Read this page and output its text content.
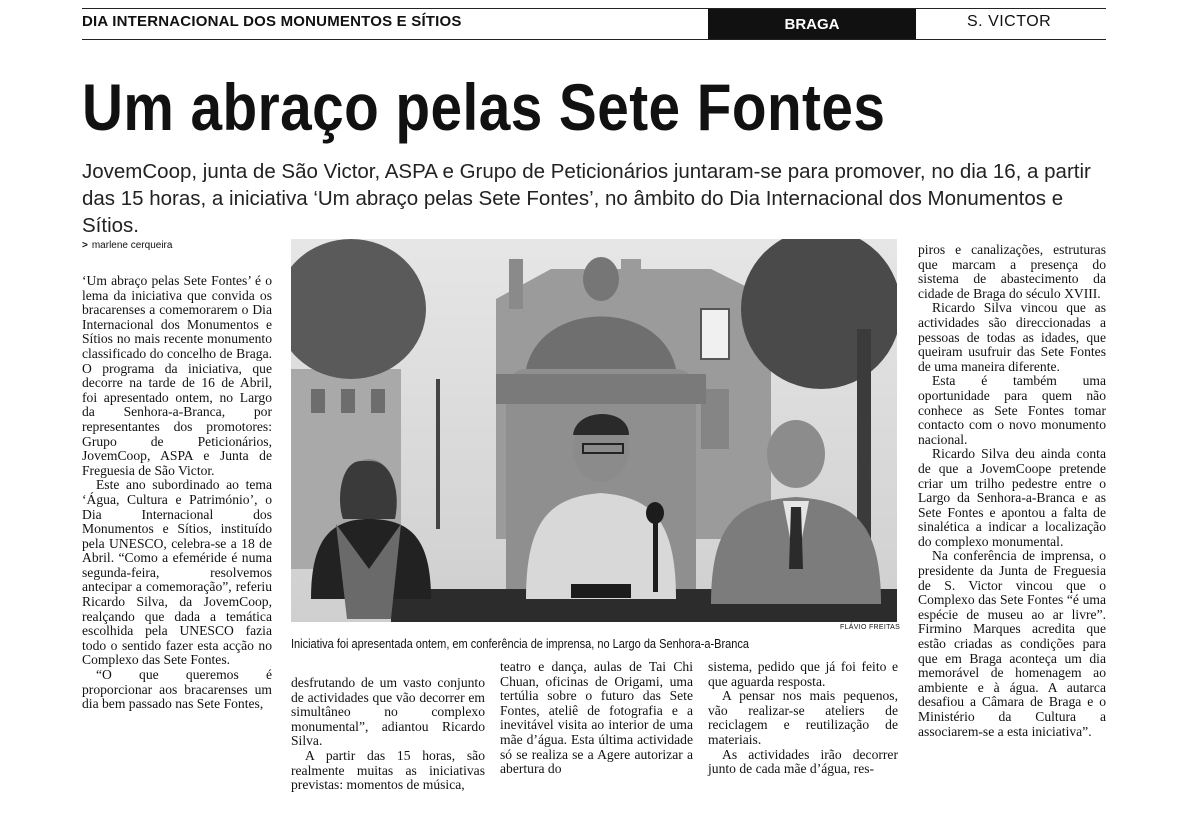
DIA INTERNACIONAL DOS MONUMENTOS E SÍTIOS	BRAGA	S. VICTOR
Um abraço pelas Sete Fontes

JovemCoop, junta de São Victor, ASPA e Grupo de Peticionários juntaram-se para promover, no dia 16, a partir das 15 horas, a iniciativa ‘Um abraço pelas Sete Fontes’, no âmbito do Dia Internacional dos Monumentos e Sítios.

> marlene cerqueira

‘Um abraço pelas Sete Fontes’ é o lema da iniciativa que convida os bracarenses a comemorarem o Dia Internacional dos Monumentos e Sítios no mais recente monumento classificado do concelho de Braga. O programa da iniciativa, que decorre na tarde de 16 de Abril, foi apresentado ontem, no Largo da Senhora-a-Branca, por representantes dos promotores: Grupo de Peticionários, JovemCoop, ASPA e Junta de Freguesia de São Victor.

Este ano subordinado ao tema ‘Água, Cultura e Património’, o Dia Internacional dos Monumentos e Sítios, instituído pela UNESCO, celebra-se a 18 de Abril. “Como a efeméride é numa segunda-feira, resolvemos antecipar a comemoração”, referiu Ricardo Silva, da JovemCoop, realçando que dada a temática escolhida pela UNESCO fazia todo o sentido fazer esta acção no Complexo das Sete Fontes.

“O que queremos é proporcionar aos bracarenses um dia bem passado nas Sete Fontes,

FLÁVIO FREITAS
Iniciativa foi apresentada ontem, em conferência de imprensa, no Largo da Senhora-a-Branca

desfrutando de um vasto conjunto de actividades que vão decorrer em simultâneo no complexo monumental”, adiantou Ricardo Silva.

A partir das 15 horas, são realmente muitas as iniciativas previstas: momentos de música,

teatro e dança, aulas de Tai Chi Chuan, oficinas de Origami, uma tertúlia sobre o futuro das Sete Fontes, ateliê de fotografia e a inevitável visita ao interior de uma mãe d’água. Esta última actividade só se realiza se a Agere autorizar a abertura do

sistema, pedido que já foi feito e que aguarda resposta.

A pensar nos mais pequenos, vão realizar-se ateliers de reciclagem e reutilização de materiais.

As actividades irão decorrer junto de cada mãe d’água, res-

piros e canalizações, estruturas que marcam a presença do sistema de abastecimento da cidade de Braga do século XVIII.

Ricardo Silva vincou que as actividades são direccionadas a pessoas de todas as idades, que queiram usufruir das Sete Fontes de uma maneira diferente.

Esta é também uma oportunidade para quem não conhece as Sete Fontes tomar contacto com o novo monumento nacional.

Ricardo Silva deu ainda conta de que a JovemCoope pretende criar um trilho pedestre entre o Largo da Senhora-a-Branca e as Sete Fontes e apontou a falta de sinalética a indicar a localização do complexo monumental.

Na conferência de imprensa, o presidente da Junta de Freguesia de S. Victor vincou que o Complexo das Sete Fontes “é uma espécie de museu ao ar livre”. Firmino Marques acredita que estão criadas as condições para que em Braga aconteça um dia memorável de homenagem ao ambiente e à água. A autarca desafiou a Câmara de Braga e o Ministério da Cultura a associarem-se a esta iniciativa”.
